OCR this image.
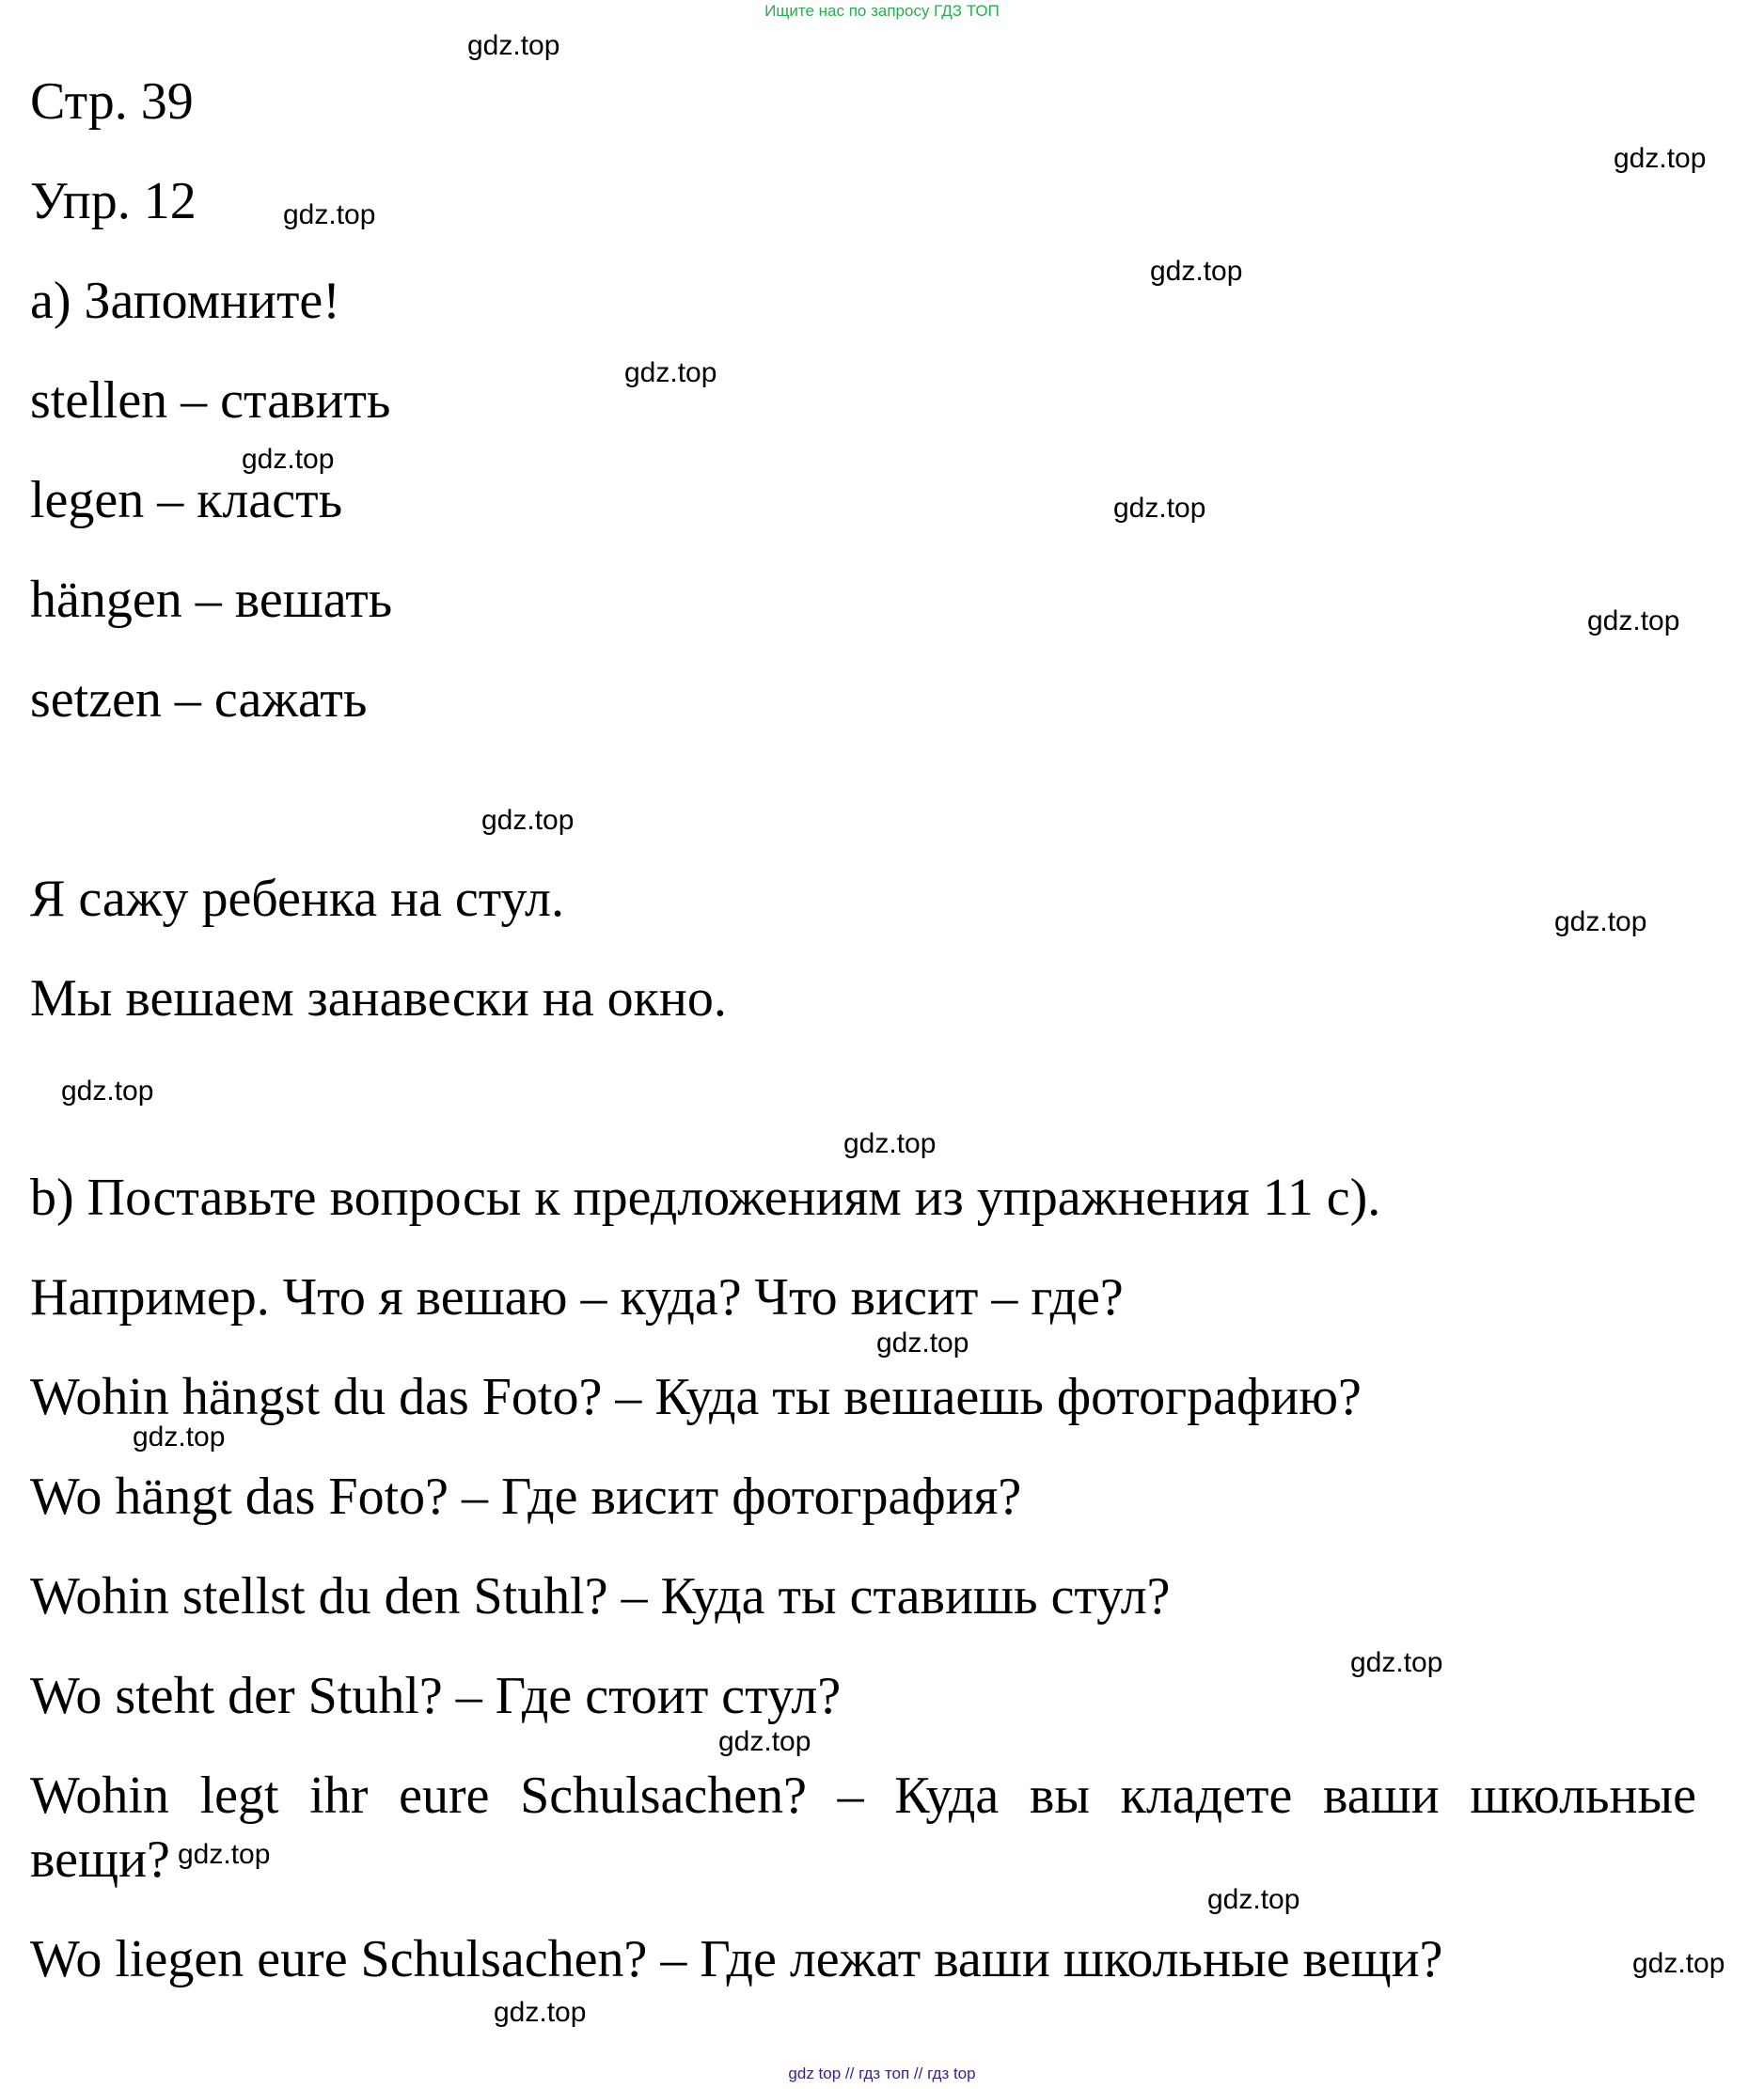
Ищите нас по запросу ГДЗ ТОП
Стр. 39
Упр. 12
а) Запомните!
stellen – ставить
legen – класть
hängen – вешать
setzen – сажать
Я сажу ребенка на стул.
Мы вешаем занавески на окно.
b) Поставьте вопросы к предложениям из упражнения 11 с).
Например. Что я вешаю – куда? Что висит – где?
Wohin hängst du das Foto? – Куда ты вешаешь фотографию?
Wo hängt das Foto? – Где висит фотография?
Wohin stellst du den Stuhl? – Куда ты ставишь стул?
Wo steht der Stuhl? – Где стоит стул?
Wohin legt ihr eure Schulsachen? – Куда вы кладете ваши школьные
вещи?
Wo liegen eure Schulsachen? – Где лежат ваши школьные вещи?
gdz.top
gdz.top
gdz.top
gdz.top
gdz.top
gdz.top
gdz.top
gdz.top
gdz.top
gdz.top
gdz.top
gdz.top
gdz.top
gdz.top
gdz.top
gdz.top
gdz.top
gdz.top
gdz.top
gdz.top
gdz top // гдз топ // гдз top
